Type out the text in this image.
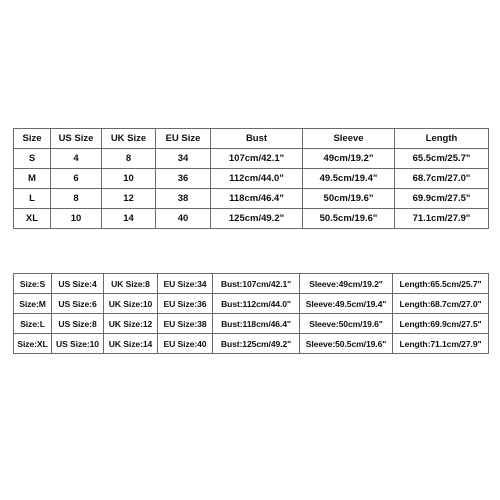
Size	US Size	UK Size	EU Size	Bust	Sleeve	Length
S	4	8	34	107cm/42.1"	49cm/19.2"	65.5cm/25.7"
M	6	10	36	112cm/44.0"	49.5cm/19.4"	68.7cm/27.0"
L	8	12	38	118cm/46.4"	50cm/19.6"	69.9cm/27.5"
XL	10	14	40	125cm/49.2"	50.5cm/19.6"	71.1cm/27.9"
Size:S	US Size:4	UK Size:8	EU Size:34	Bust:107cm/42.1"	Sleeve:49cm/19.2"	Length:65.5cm/25.7"
Size:M	US Size:6	UK Size:10	EU Size:36	Bust:112cm/44.0"	Sleeve:49.5cm/19.4"	Length:68.7cm/27.0"
Size:L	US Size:8	UK Size:12	EU Size:38	Bust:118cm/46.4"	Sleeve:50cm/19.6"	Length:69.9cm/27.5"
Size:XL	US Size:10	UK Size:14	EU Size:40	Bust:125cm/49.2"	Sleeve:50.5cm/19.6"	Length:71.1cm/27.9"
